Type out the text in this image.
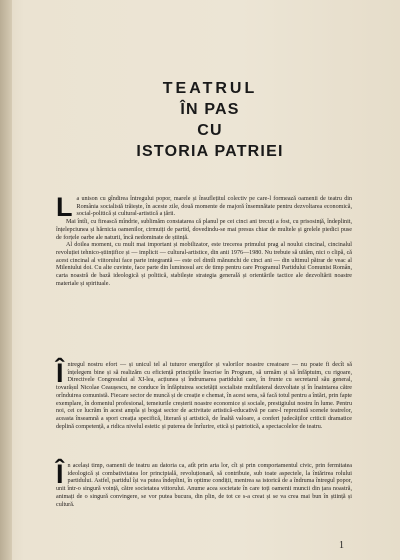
TEATRUL
ÎN PAS
CU
ISTORIA PATRIEI
L a unison cu gîndirea întregului popor, marele și însuflețitul colectiv pe care-l formează oamenii de teatru din România socialistă trăiește, în aceste zile, două momente de majoră însemnătate pentru dezvoltarea economică, social-politică și cultural-artistică a țării.

Mai întîi, cu firească mîndrie, sublimăm constatarea că planul pe cei cinci ani trecuți a fost, cu prisosință, îndeplinit, înțelepciunea și hărnicia oamenilor, cirmuiți de partid, dovedindu-se mai presus chiar de multele și grelele piedici puse de forțele oarbe ale naturii, încă nedominate de știință.

Al doilea moment, cu mult mai important și mobilizator, este trecerea primului prag al noului cincinal, cincinalul revoluției tehnico-științifice și — implicit — cultural-artistice, din anii 1976—1980. Nu trebuie să uităm, nici o clipă, că acest cincinal al viitorului face parte integrantă — este cel dintîi mănunchi de cinci ani — din ultimul pătrar de veac al Mileniului doi. Cu alte cuvinte, face parte din luminosul arc de timp pentru care Programul Partidului Comunist Român, carta noastră de bază ideologică și politică, stabilește strategia generală și orientările tactice ale dezvoltării noastre materiale și spirituale.

Î ntregul nostru efort — și unicul tel al tuturor energiilor și valorilor noastre creatoare — nu poate fi decît să înțelegem bine și să realizăm cu eficiență principiile înscrise în Program, să urmăm și să înfăptuim, cu rigoare, Directivele Congresului al XI-lea, acțiunea și îndrumarea partidului care, în frunte cu secretarul său general, tovarășul Nicolae Ceaușescu, ne conduce în înfăptuirea societății socialiste multilateral dezvoltate și în înaintarea către orînduirea comunistă. Fiecare sector de muncă și de creație e chemat, în acest sens, să facă totul pentru a întări, prin fapte exemplare, în domeniul profesional, temeiurile creșterii noastre economice și sociale, prestigiului nostru în lume. Pentru noi, cei ce lucrăm în acest ampla și bogat sector de activitate artistică-educativă pe care-l reprezintă scenele teatrelor, aceasta înseamnă a spori creația specifică, literară și artistică, de înaltă valoare, a conferi judecăților criticii dramatice deplină competență, a ridica nivelul estetic și puterea de înrîurire, etică și patriotică, a spectacolelor de teatru.

Î n același timp, oamenii de teatru au datoria ca, atît prin arta lor, cît și prin comportamentul civic, prin fermitatea ideologică și combativitatea lor principială, revoluționară, să contribuie, sub toate aspectele, la întărirea rolului partidului. Astfel, partidul își va putea îndeplini, în optime condiții, menirea sa istorică de a îndruma întregul popor, unit într-o singură voință, către societatea viitorului. Anume acea societate în care toți oamenii muncii din țara noastră, animați de o singură convingere, se vor putea bucura, din plin, de tot ce s-a creat și se va crea mai bun în știință și cultură.

1
